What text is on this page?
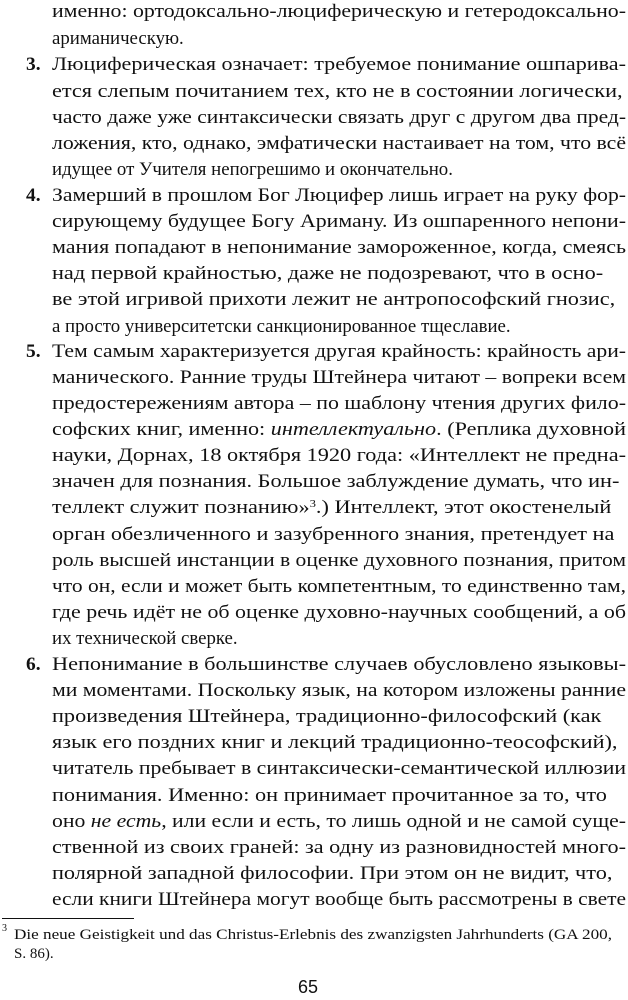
именно: ортодоксально-люциферическую и гетеродоксально-
ариманическую.
3. Люциферическая означает: требуемое понимание ошпарива-
ется слепым почитанием тех, кто не в состоянии логически,
часто даже уже синтаксически связать друг с другом два пред-
ложения, кто, однако, эмфатически настаивает на том, что всё
идущее от Учителя непогрешимо и окончательно.
4. Замерший в прошлом Бог Люцифер лишь играет на руку фор-
сирующему будущее Богу Ариману. Из ошпаренного непони-
мания попадают в непонимание замороженное, когда, смеясь
над первой крайностью, даже не подозревают, что в осно-
ве этой игривой прихоти лежит не антропософский гнозис,
а просто университетски санкционированное тщеславие.
5. Тем самым характеризуется другая крайность: крайность ари-
манического. Ранние труды Штейнера читают – вопреки всем
предостережениям автора – по шаблону чтения других фило-
софских книг, именно: интеллектуально. (Реплика духовной
науки, Дорнах, 18 октября 1920 года: «Интеллект не предна-
значен для познания. Большое заблуждение думать, что ин-
теллект служит познанию»$^3$.) Интеллект, этот окостенелый
орган обезличенного и зазубренного знания, претендует на
роль высшей инстанции в оценке духовного познания, притом
что он, если и может быть компетентным, то единственно там,
где речь идёт не об оценке духовно-научных сообщений, а об
их технической сверке.
6. Непонимание в большинстве случаев обусловлено языковы-
ми моментами. Поскольку язык, на котором изложены ранние
произведения Штейнера, традиционно-философский (как
язык его поздних книг и лекций традиционно-теософский),
читатель пребывает в синтаксически-семантической иллюзии
понимания. Именно: он принимает прочитанное за то, что
оно не есть, или если и есть, то лишь одной и не самой суще-
ственной из своих граней: за одну из разновидностей много-
полярной западной философии. При этом он не видит, что,
если книги Штейнера могут вообще быть рассмотрены в свете
3 Die neue Geistigkeit und das Christus-Erlebnis des zwanzigsten Jahrhunderts (GA 200,
S. 86).
65
